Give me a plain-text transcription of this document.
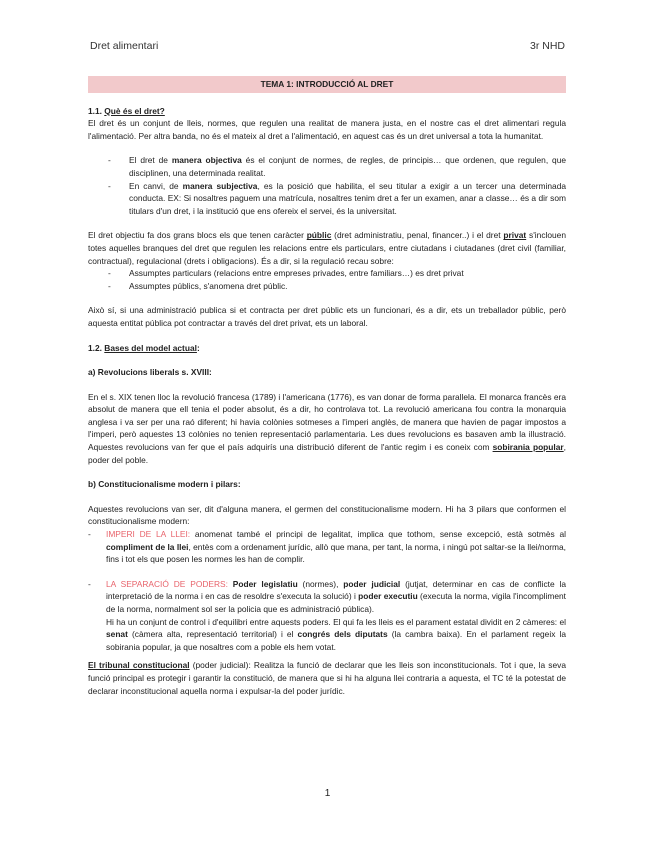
Dret alimentari	3r NHD
TEMA 1: INTRODUCCIÓ AL DRET

1.1. Què és el dret?

El dret és un conjunt de lleis, normes, que regulen una realitat de manera justa, en el nostre cas el dret alimentari regula l'alimentació. Per altra banda, no és el mateix al dret a l'alimentació, en aquest cas és un dret universal a tota la humanitat.

- El dret de manera objectiva és el conjunt de normes, de regles, de principis… que ordenen, que regulen, que disciplinen, una determinada realitat.
- En canvi, de manera subjectiva, es la posició que habilita, el seu titular a exigir a un tercer una determinada conducta. EX: Si nosaltres paguem una matrícula, nosaltres tenim dret a fer un examen, anar a classe… és a dir som titulars d'un dret, i la institució que ens ofereix el servei, és la universitat.

El dret objectiu fa dos grans blocs els que tenen caràcter públic (dret administratiu, penal, financer..) i el dret privat s'inclouen totes aquelles branques del dret que regulen les relacions entre els particulars, entre ciutadans i ciutadanes (dret civil (familiar, contractual), regulacional (drets i obligacions). És a dir, si la regulació recau sobre:

- Assumptes particulars (relacions entre empreses privades, entre familiars…) es dret privat
- Assumptes públics, s'anomena dret públic.

Això sí, si una administració publica si et contracta per dret públic ets un funcionari, és a dir, ets un treballador públic, però aquesta entitat pública pot contractar a través del dret privat, ets un laboral.

1.2. Bases del model actual:

a) Revolucions liberals s. XVIII:

En el s. XIX tenen lloc la revolució francesa (1789) i l'americana (1776), es van donar de forma parallela. El monarca francès era absolut de manera que ell tenia el poder absolut, és a dir, ho controlava tot. La revolució americana fou contra la monarquia anglesa i va ser per una raó diferent; hi havia colònies sotmeses a l'imperi anglès, de manera que havien de pagar impostos a l'imperi, però aquestes 13 colònies no tenien representació parlamentaria. Les dues revolucions es basaven amb la illustració. Aquestes revolucions van fer que el país adquirís una distribució diferent de l'antic regim i es coneix com sobirania popular, poder del poble.

b) Constitucionalisme modern i pilars:

Aquestes revolucions van ser, dit d'alguna manera, el germen del constitucionalisme modern. Hi ha 3 pilars que conformen el constitucionalisme modern:

- IMPERI DE LA LLEI: anomenat també el principi de legalitat, implica que tothom, sense excepció, està sotmès al compliment de la llei, entès com a ordenament jurídic, allò que mana, per tant, la norma, i ningú pot saltar-se la llei/norma, fins i tot els que posen les normes les han de complir.
- LA SEPARACIÓ DE PODERS: Poder legislatiu (normes), poder judicial (jutjat, determinar en cas de conflicte la interpretació de la norma i en cas de resoldre s'executa la solució) i poder executiu (executa la norma, vigila l'incompliment de la norma, normalment sol ser la policia que es administració pública).
Hi ha un conjunt de control i d'equilibri entre aquests poders. El qui fa les lleis es el parament estatal dividit en 2 càmeres: el senat (càmera alta, representació territorial) i el congrés dels diputats (la cambra baixa). En el parlament regeix la sobirania popular, ja que nosaltres com a poble els hem votat.

El tribunal constitucional (poder judicial): Realitza la funció de declarar que les lleis son inconstitucionals. Tot i que, la seva funció principal es protegir i garantir la constitució, de manera que si hi ha alguna llei contraria a aquesta, el TC té la potestat de declarar inconstitucional aquella norma i expulsar-la del poder jurídic.

1
